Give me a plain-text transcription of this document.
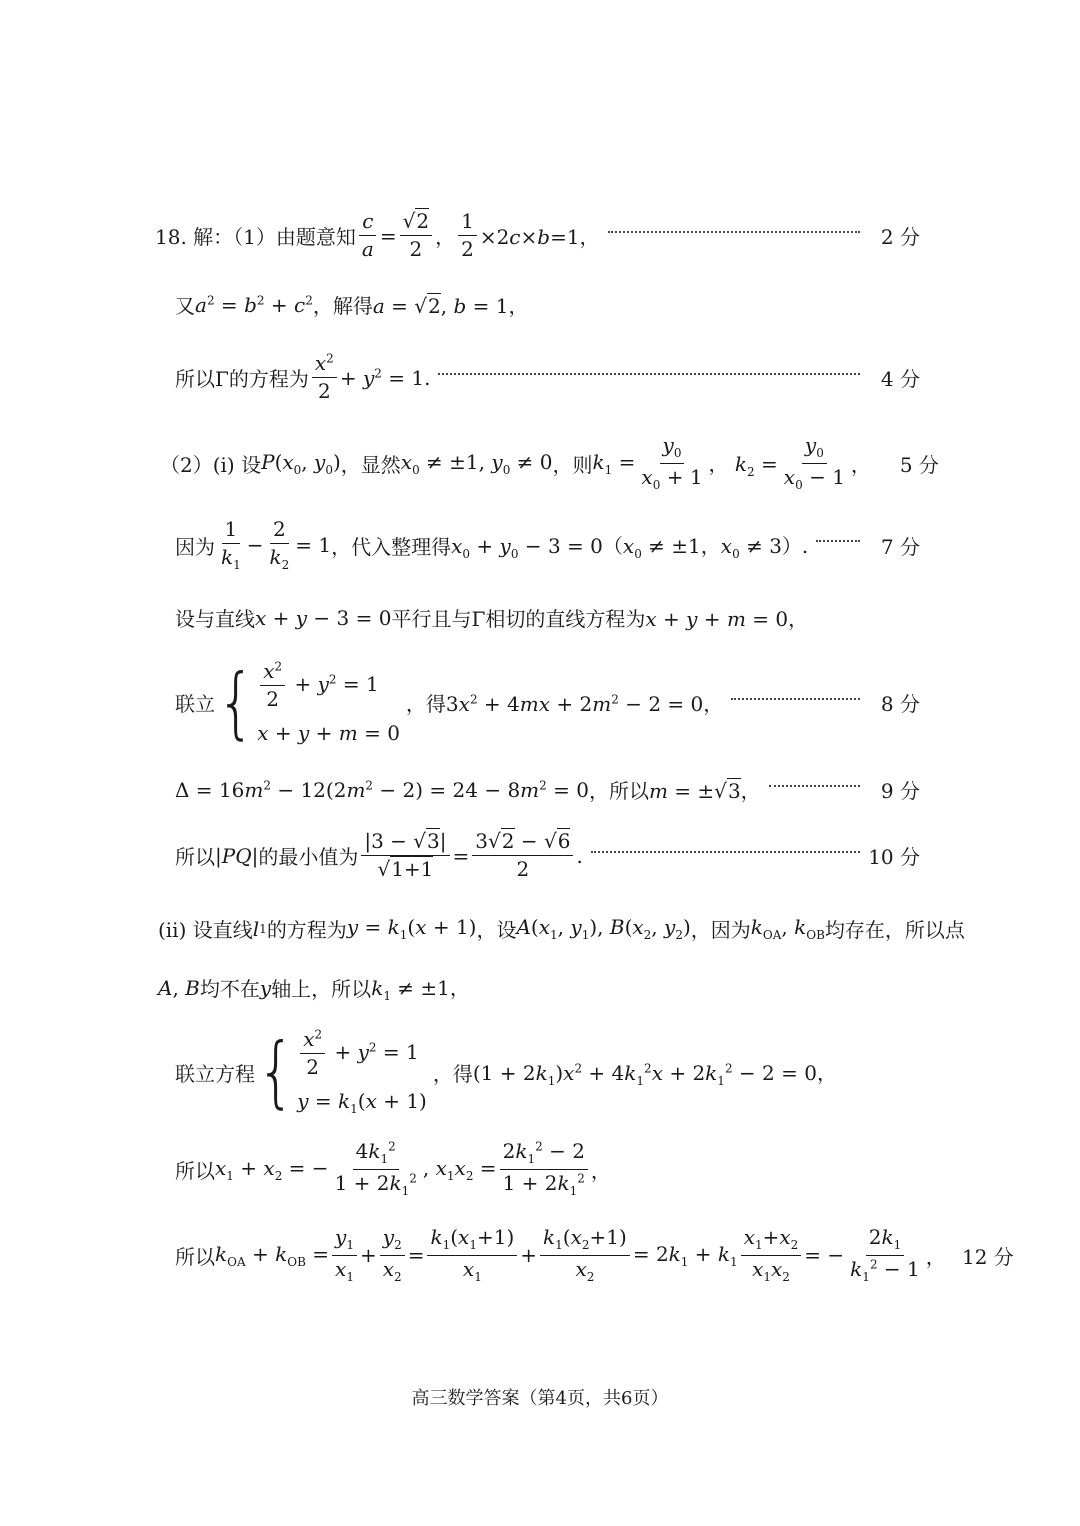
18. 解：（1）由题意知 $\frac{c}{a} = \frac{√2}{2}$ ， $\frac{1}{2} \times 2c\times b=1$，	2 分
又 $a^2 = b^2 + c^2$ ，解得 a = √2, b = 1，
所以Γ的方程为 $\frac{x^2}{2} + y^2 = 1$.	4 分
（2）(ⅰ) 设 $P(x_0$, $y_0$) ，显然 $x_0 \ne \pm 1$, $y_0 \ne 0$ ，则 $k_1 = \frac{y_0}{x_0 + 1}$ ， $k_2 = \frac{y_0}{x_0 - 1}$ ，	5 分
因为 $\frac{1}{k_1} - \frac{2}{k_2} = 1$ ，代入整理得 $x_0 + y_0 - 3 = 0(x_0 \ne \pm 1$，$x_0 \ne 3$）.	7 分
设与直线 x + y − 3 = 0 平行且与Γ相切的直线方程为 x + y + m = 0，
联立 { $\frac{x^2}{2} + y^2 = 1$
x + y + m = 0
，得 $3x^2 + 4mx + 2m^2 - 2 = 0$，	8 分
$\Delta = 16m^2 - 12(2m^2 - 2) = 24 - 8m^2 = 0$ ，所以 m = ±√3，	9 分
所以 |PQ| 的最小值为 $\frac{|3 - √3|}{√1+1} = \frac{3√2 - √6}{2}$ .	10 分
(ⅱ) 设直线 l 1 的方程为 $y = k_1(x + 1)$ ，设 $A(x_1$, $y_1$), $B(x_2$, $y_2$) ，因为 $k_{OA}$, $k_{OB}$ 均存在，所以点
A, B 均不在 y 轴上，所以 $k_1 \ne \pm 1$，
联立方程 { $\frac{x^2}{2} + y^2 = 1$
$y = k_1(x + 1)$
，得 $(1 + 2k_1)x^2 + 4k_1^2x + 2k_1^2 - 2 = 0$，
所以 $x_1 + x_2$ = − $\frac{4k_1^2}{1 + 2k_1^2}$ , $x_1x_2 = \frac{2k_1^2 - 2}{1 + 2k_1^2}$ ，
所以 $k_{OA} + k_{OB} = \frac{y_1}{x_1} + \frac{y_2}{x_2} = \frac{k_1(x_1+1)}{x_1} + \frac{k_1(x_2+1)}{x_2} = 2k_1 + k_1 \frac{x_1+x_2}{x_1x_2}$ = − $\frac{2k_1}{k_1^2 - 1}$ ， 12 分
高三数学答案（第4页，共6页）
